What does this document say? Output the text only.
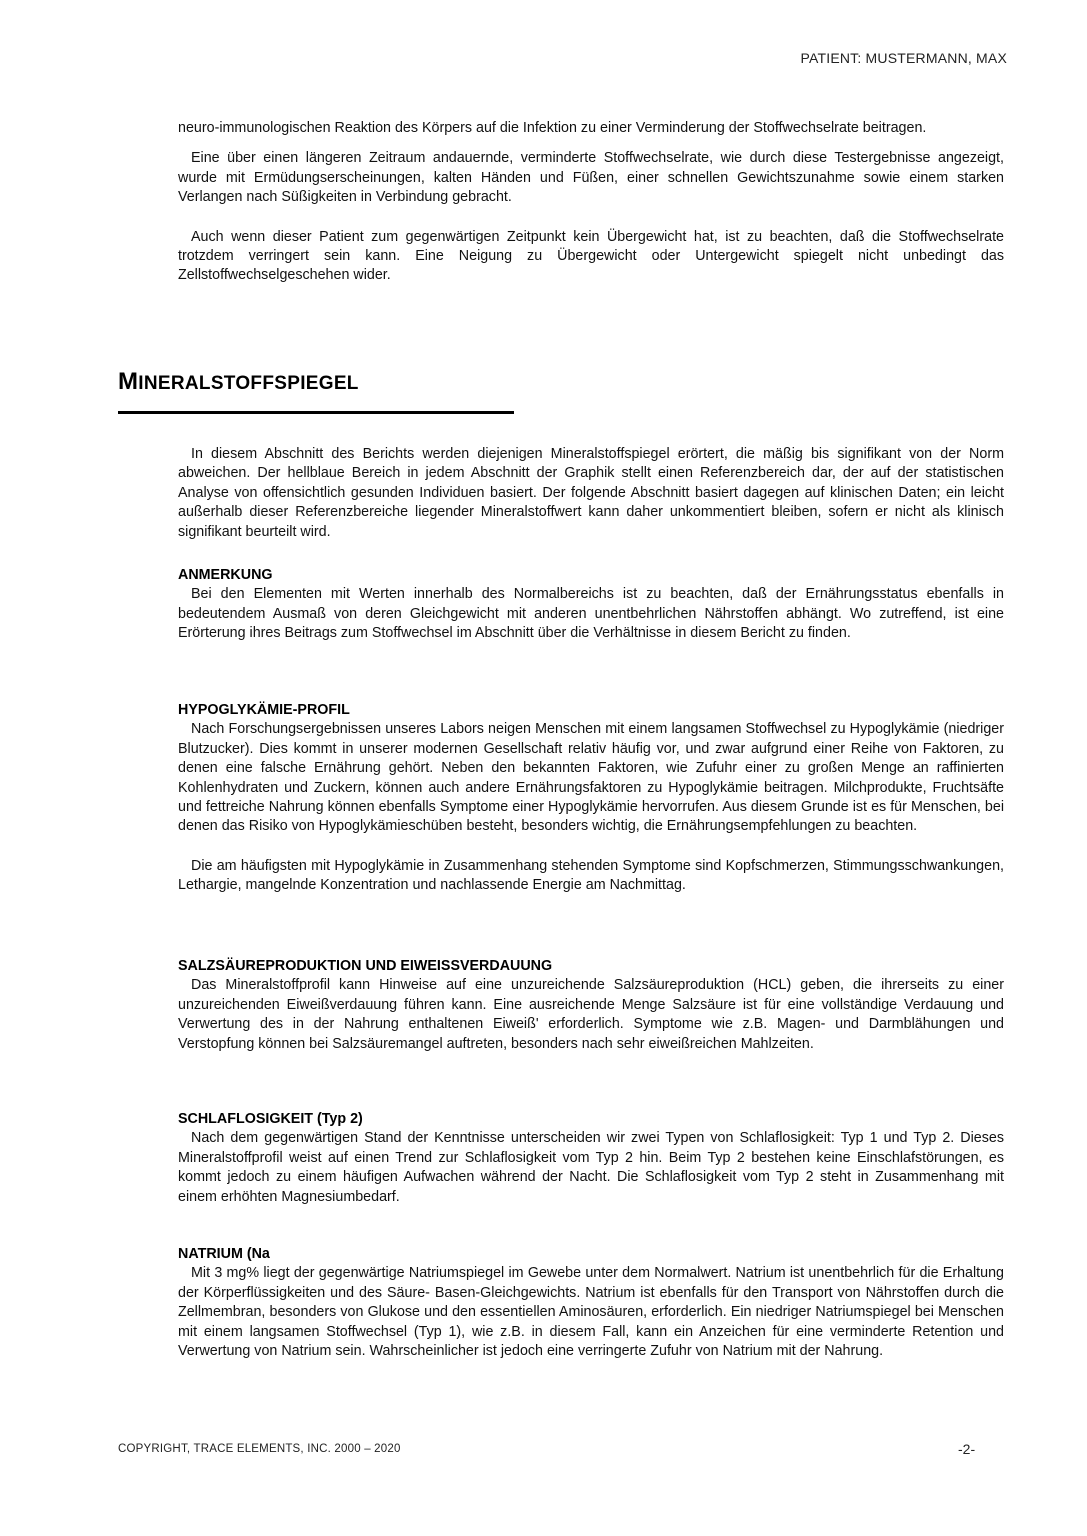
PATIENT: MUSTERMANN, MAX

neuro-immunologischen Reaktion des Körpers auf die Infektion zu einer Verminderung der Stoffwechselrate beitragen.

Eine über einen längeren Zeitraum andauernde, verminderte Stoffwechselrate, wie durch diese Testergebnisse angezeigt, wurde mit Ermüdungserscheinungen, kalten Händen und Füßen, einer schnellen Gewichtszunahme sowie einem starken Verlangen nach Süßigkeiten in Verbindung gebracht.

Auch wenn dieser Patient zum gegenwärtigen Zeitpunkt kein Übergewicht hat, ist zu beachten, daß die Stoffwechselrate trotzdem verringert sein kann. Eine Neigung zu Übergewicht oder Untergewicht spiegelt nicht unbedingt das Zellstoffwechselgeschehen wider.

MINERALSTOFFSPIEGEL

In diesem Abschnitt des Berichts werden diejenigen Mineralstoffspiegel erörtert, die mäßig bis signifikant von der Norm abweichen. Der hellblaue Bereich in jedem Abschnitt der Graphik stellt einen Referenzbereich dar, der auf der statistischen Analyse von offensichtlich gesunden Individuen basiert. Der folgende Abschnitt basiert dagegen auf klinischen Daten; ein leicht außerhalb dieser Referenzbereiche liegender Mineralstoffwert kann daher unkommentiert bleiben, sofern er nicht als klinisch signifikant beurteilt wird.

ANMERKUNG

Bei den Elementen mit Werten innerhalb des Normalbereichs ist zu beachten, daß der Ernährungsstatus ebenfalls in bedeutendem Ausmaß von deren Gleichgewicht mit anderen unentbehrlichen Nährstoffen abhängt. Wo zutreffend, ist eine Erörterung ihres Beitrags zum Stoffwechsel im Abschnitt über die Verhältnisse in diesem Bericht zu finden.

HYPOGLYKÄMIE-PROFIL

Nach Forschungsergebnissen unseres Labors neigen Menschen mit einem langsamen Stoffwechsel zu Hypoglykämie (niedriger Blutzucker). Dies kommt in unserer modernen Gesellschaft relativ häufig vor, und zwar aufgrund einer Reihe von Faktoren, zu denen eine falsche Ernährung gehört. Neben den bekannten Faktoren, wie Zufuhr einer zu großen Menge an raffinierten Kohlenhydraten und Zuckern, können auch andere Ernährungsfaktoren zu Hypoglykämie beitragen. Milchprodukte, Fruchtsäfte und fettreiche Nahrung können ebenfalls Symptome einer Hypoglykämie hervorrufen. Aus diesem Grunde ist es für Menschen, bei denen das Risiko von Hypoglykämieschüben besteht, besonders wichtig, die Ernährungsempfehlungen zu beachten.

Die am häufigsten mit Hypoglykämie in Zusammenhang stehenden Symptome sind Kopfschmerzen, Stimmungsschwankungen, Lethargie, mangelnde Konzentration und nachlassende Energie am Nachmittag.

SALZSÄUREPRODUKTION UND EIWEISSVERDAUUNG

Das Mineralstoffprofil kann Hinweise auf eine unzureichende Salzsäureproduktion (HCL) geben, die ihrerseits zu einer unzureichenden Eiweißverdauung führen kann. Eine ausreichende Menge Salzsäure ist für eine vollständige Verdauung und Verwertung des in der Nahrung enthaltenen Eiweiß' erforderlich. Symptome wie z.B. Magen- und Darmblähungen und Verstopfung können bei Salzsäuremangel auftreten, besonders nach sehr eiweißreichen Mahlzeiten.

SCHLAFLOSIGKEIT (Typ 2)

Nach dem gegenwärtigen Stand der Kenntnisse unterscheiden wir zwei Typen von Schlaflosigkeit: Typ 1 und Typ 2. Dieses Mineralstoffprofil weist auf einen Trend zur Schlaflosigkeit vom Typ 2 hin. Beim Typ 2 bestehen keine Einschlafstörungen, es kommt jedoch zu einem häufigen Aufwachen während der Nacht. Die Schlaflosigkeit vom Typ 2 steht in Zusammenhang mit einem erhöhten Magnesiumbedarf.

NATRIUM (Na

Mit 3 mg% liegt der gegenwärtige Natriumspiegel im Gewebe unter dem Normalwert. Natrium ist unentbehrlich für die Erhaltung der Körperflüssigkeiten und des Säure- Basen-Gleichgewichts. Natrium ist ebenfalls für den Transport von Nährstoffen durch die Zellmembran, besonders von Glukose und den essentiellen Aminosäuren, erforderlich. Ein niedriger Natriumspiegel bei Menschen mit einem langsamen Stoffwechsel (Typ 1), wie z.B. in diesem Fall, kann ein Anzeichen für eine verminderte Retention und Verwertung von Natrium sein. Wahrscheinlicher ist jedoch eine verringerte Zufuhr von Natrium mit der Nahrung.

COPYRIGHT, TRACE ELEMENTS, INC. 2000 – 2020	-2-
